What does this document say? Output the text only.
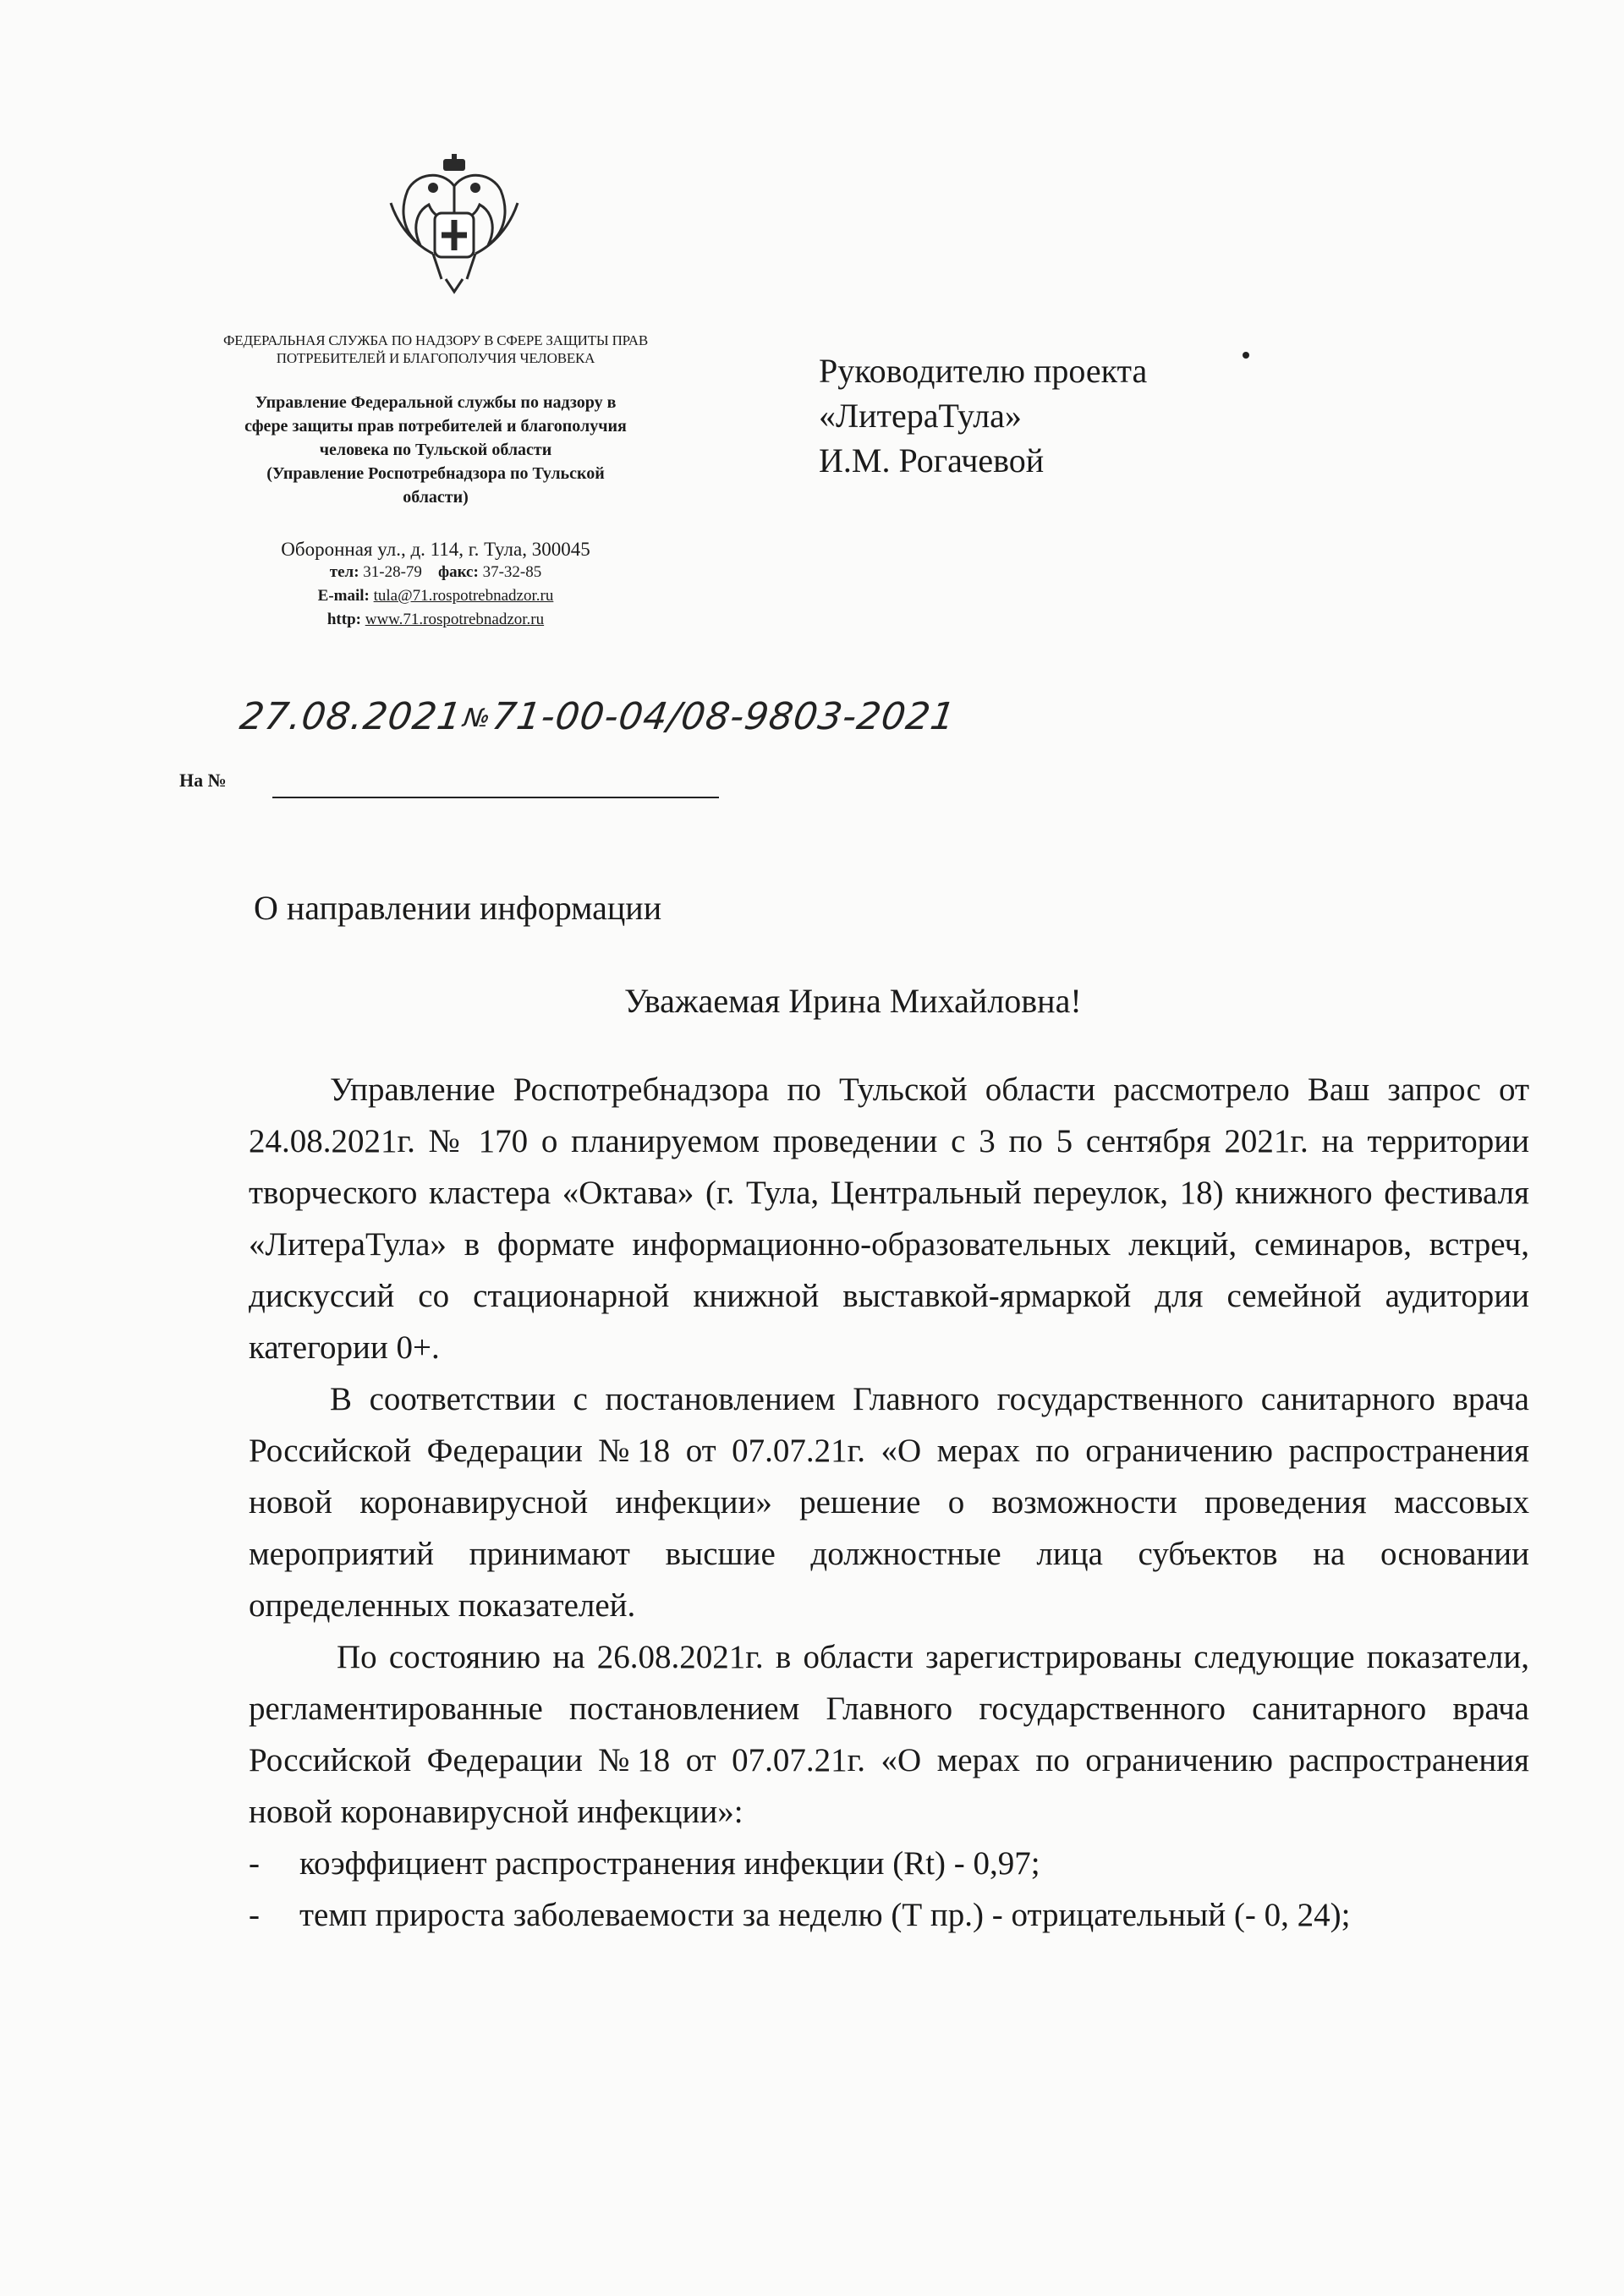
ФЕДЕРАЛЬНАЯ СЛУЖБА ПО НАДЗОРУ В СФЕРЕ ЗАЩИТЫ ПРАВ
ПОТРЕБИТЕЛЕЙ И БЛАГОПОЛУЧИЯ ЧЕЛОВЕКА
Управление Федеральной службы по надзору в
сфере защиты прав потребителей и благополучия
человека по Тульской области
(Управление Роспотребнадзора по Тульской
области)
Оборонная ул., д. 114, г. Тула, 300045
тел: 31-28-79 факс: 37-32-85
E-mail: tula@71.rospotrebnadzor.ru
http: www.71.rospotrebnadzor.ru
27.08.2021
№
71-00-04/08-9803-2021
На №
Руководителю проекта
«ЛитераТула»
И.М. Рогачевой
О направлении информации
Уважаемая Ирина Михайловна!

Управление Роспотребнадзора по Тульской области рассмотрело Ваш запрос от 24.08.2021г. № 170 о планируемом проведении с 3 по 5 сентября 2021г. на территории творческого кластера «Октава» (г. Тула, Центральный переулок, 18) книжного фестиваля «ЛитераТула» в формате информационно-образовательных лекций, семинаров, встреч, дискуссий со стационарной книжной выставкой-ярмаркой для семейной аудитории категории 0+.

В соответствии с постановлением Главного государственного санитарного врача Российской Федерации №18 от 07.07.21г. «О мерах по ограничению распространения новой коронавирусной инфекции» решение о возможности проведения массовых мероприятий принимают высшие должностные лица субъектов на основании определенных показателей.

По состоянию на 26.08.2021г. в области зарегистрированы следующие показатели, регламентированные постановлением Главного государственного санитарного врача Российской Федерации №18 от 07.07.21г. «О мерах по ограничению распространения новой коронавирусной инфекции»:

- коэффициент распространения инфекции (Rt) - 0,97;

- темп прироста заболеваемости за неделю (Т пр.) - отрицательный (- 0, 24);
